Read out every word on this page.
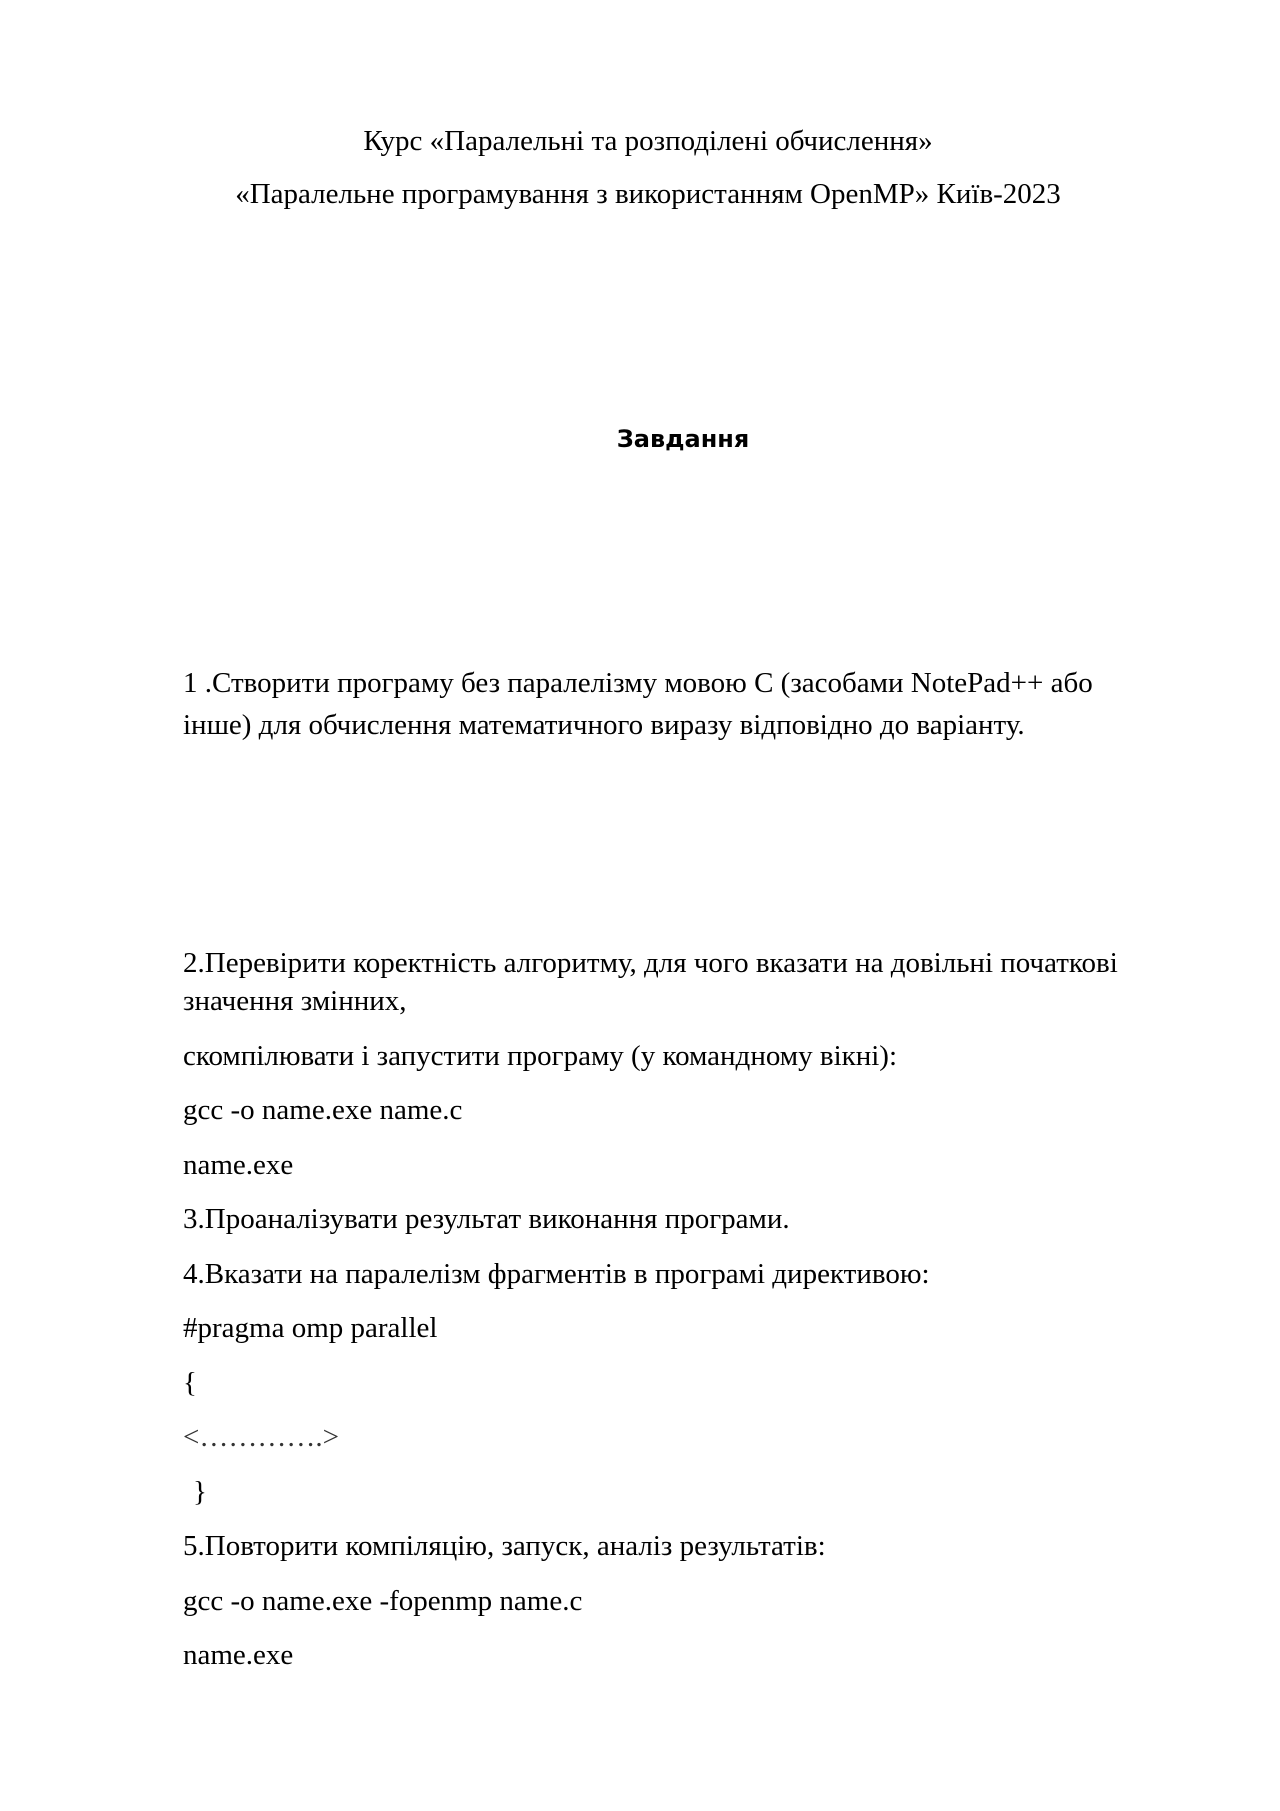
Курс «Паралельні та розподілені обчислення»
«Паралельне програмування з використанням OpenMP» Київ-2023
Завдання
1 .Створити програму без паралелізму мовою С (засобами NotePad++ або
інше) для обчислення математичного виразу відповідно до варіанту.
2.Перевірити коректність алгоритму, для чого вказати на довільні початкові
значення змінних,
скомпілювати і запустити програму (у командному вікні):
gcc -o name.exe name.c
name.exe
3.Проаналізувати результат виконання програми.
4.Вказати на паралелізм фрагментів в програмі директивою:
#pragma omp parallel
{
<………….>
}
5.Повторити компіляцію, запуск, аналіз результатів:
gcc -o name.exe -fopenmp name.c
name.exe
